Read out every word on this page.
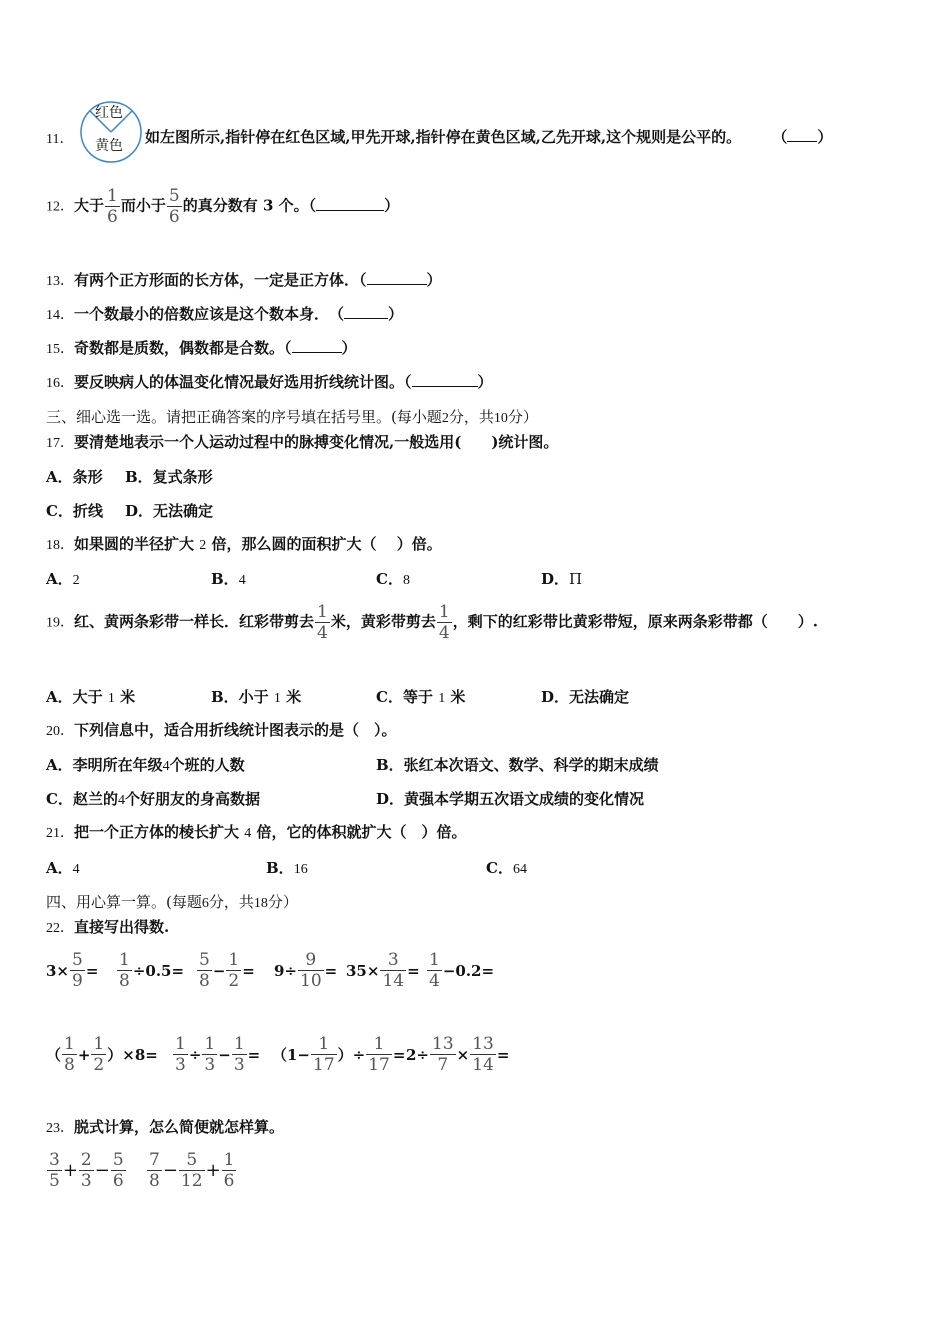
11．
红色
黄色 如左图所示,指针停在红色区域,甲先开球,指针停在黄色区域,乙先开球,这个规则是公平的。 （ ）
12．大于 $\frac{1}{6}$ 而小于 $\frac{5}{6}$ 的真分数有 3 个。（	）
13．有两个正方形面的长方体，一定是正方体．（	）
14．一个数最小的倍数应该是这个数本身．　（	）
15．奇数都是质数，偶数都是合数。（	）
16．要反映病人的体温变化情况最好选用折线统计图。（	）
三、细心选一选。请把正确答案的序号填在括号里。(每小题2分，共10分）
17．要清楚地表示一个人运动过程中的脉搏变化情况,一般选用(　　)统计图。
A．条形 B．复式条形
C．折线 D．无法确定
18．如果圆的半径扩大 2 倍，那么圆的面积扩大（　 ）倍。
A．2	B．4	C．8	D．Π
19．红、黄两条彩带一样长．红彩带剪去 $\frac{1}{4}$ 米，黄彩带剪去 $\frac{1}{4}$ ，剩下的红彩带比黄彩带短，原来两条彩带都（　　）.
A．大于 1 米	B．小于 1 米	C．等于 1 米	D．无法确定
20．下列信息中，适合用折线统计图表示的是（　）。
A．李明所在年级4个班的人数	B．张红本次语文、数学、科学的期末成绩
C．赵兰的4个好朋友的身高数据	D．黄强本学期五次语文成绩的变化情况
21．把一个正方体的棱长扩大 4 倍，它的体积就扩大（　）倍。
A．4	B．16	C．64
四、用心算一算。(每题6分，共18分）
22．直接写出得数.
$3\times \frac{5}{9} = \frac{1}{8} \div 0.5= \frac{5}{8} - \frac{1}{2} = 9\div \frac{9}{10} = 35\times \frac{3}{14} = \frac{1}{4} -0.2=$
（ $\frac{1}{8} + \frac{1}{2} )\times 8= \frac{1}{3} \div \frac{1}{3} - \frac{1}{3} = (1- \frac{1}{17}$ ）÷ $\frac{1}{17} = 2\div \frac{13}{7} \times \frac{13}{14}$ =
23．脱式计算，怎么简便就怎样算。
$\frac{3}{5} + \frac{2}{3} - \frac{5}{6} \frac{7}{8} - \frac{5}{12} + \frac{1}{6}$
